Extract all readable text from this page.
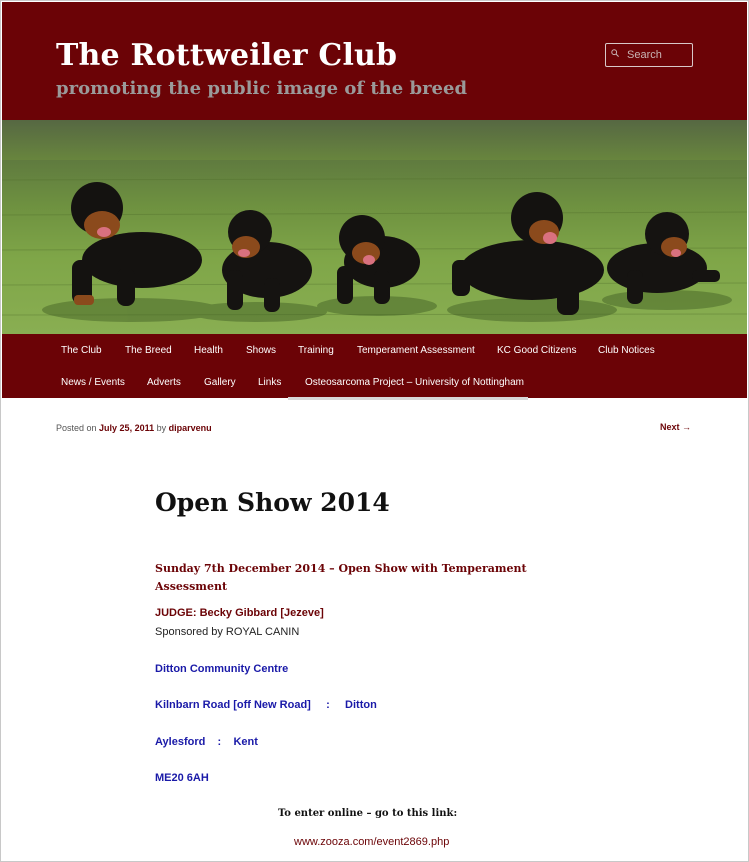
The Rottweiler Club
promoting the public image of the breed
Search
The Club The Breed Health Shows Training Temperament Assessment KC Good Citizens Club Notices
News / Events Adverts Gallery Links Osteosarcoma Project – University of Nottingham
Posted on July 25, 2011 by diparvenu	Next →
Open Show 2014
Sunday 7th December 2014 – Open Show with Temperament Assessment
JUDGE: Becky Gibbard [Jezeve]
Sponsored by ROYAL CANIN
Ditton Community Centre
Kilnbarn Road [off New Road]     :     Ditton
Aylesford    :    Kent
ME20 6AH
To enter online – go to this link:
www.zooza.com/event2869.php
